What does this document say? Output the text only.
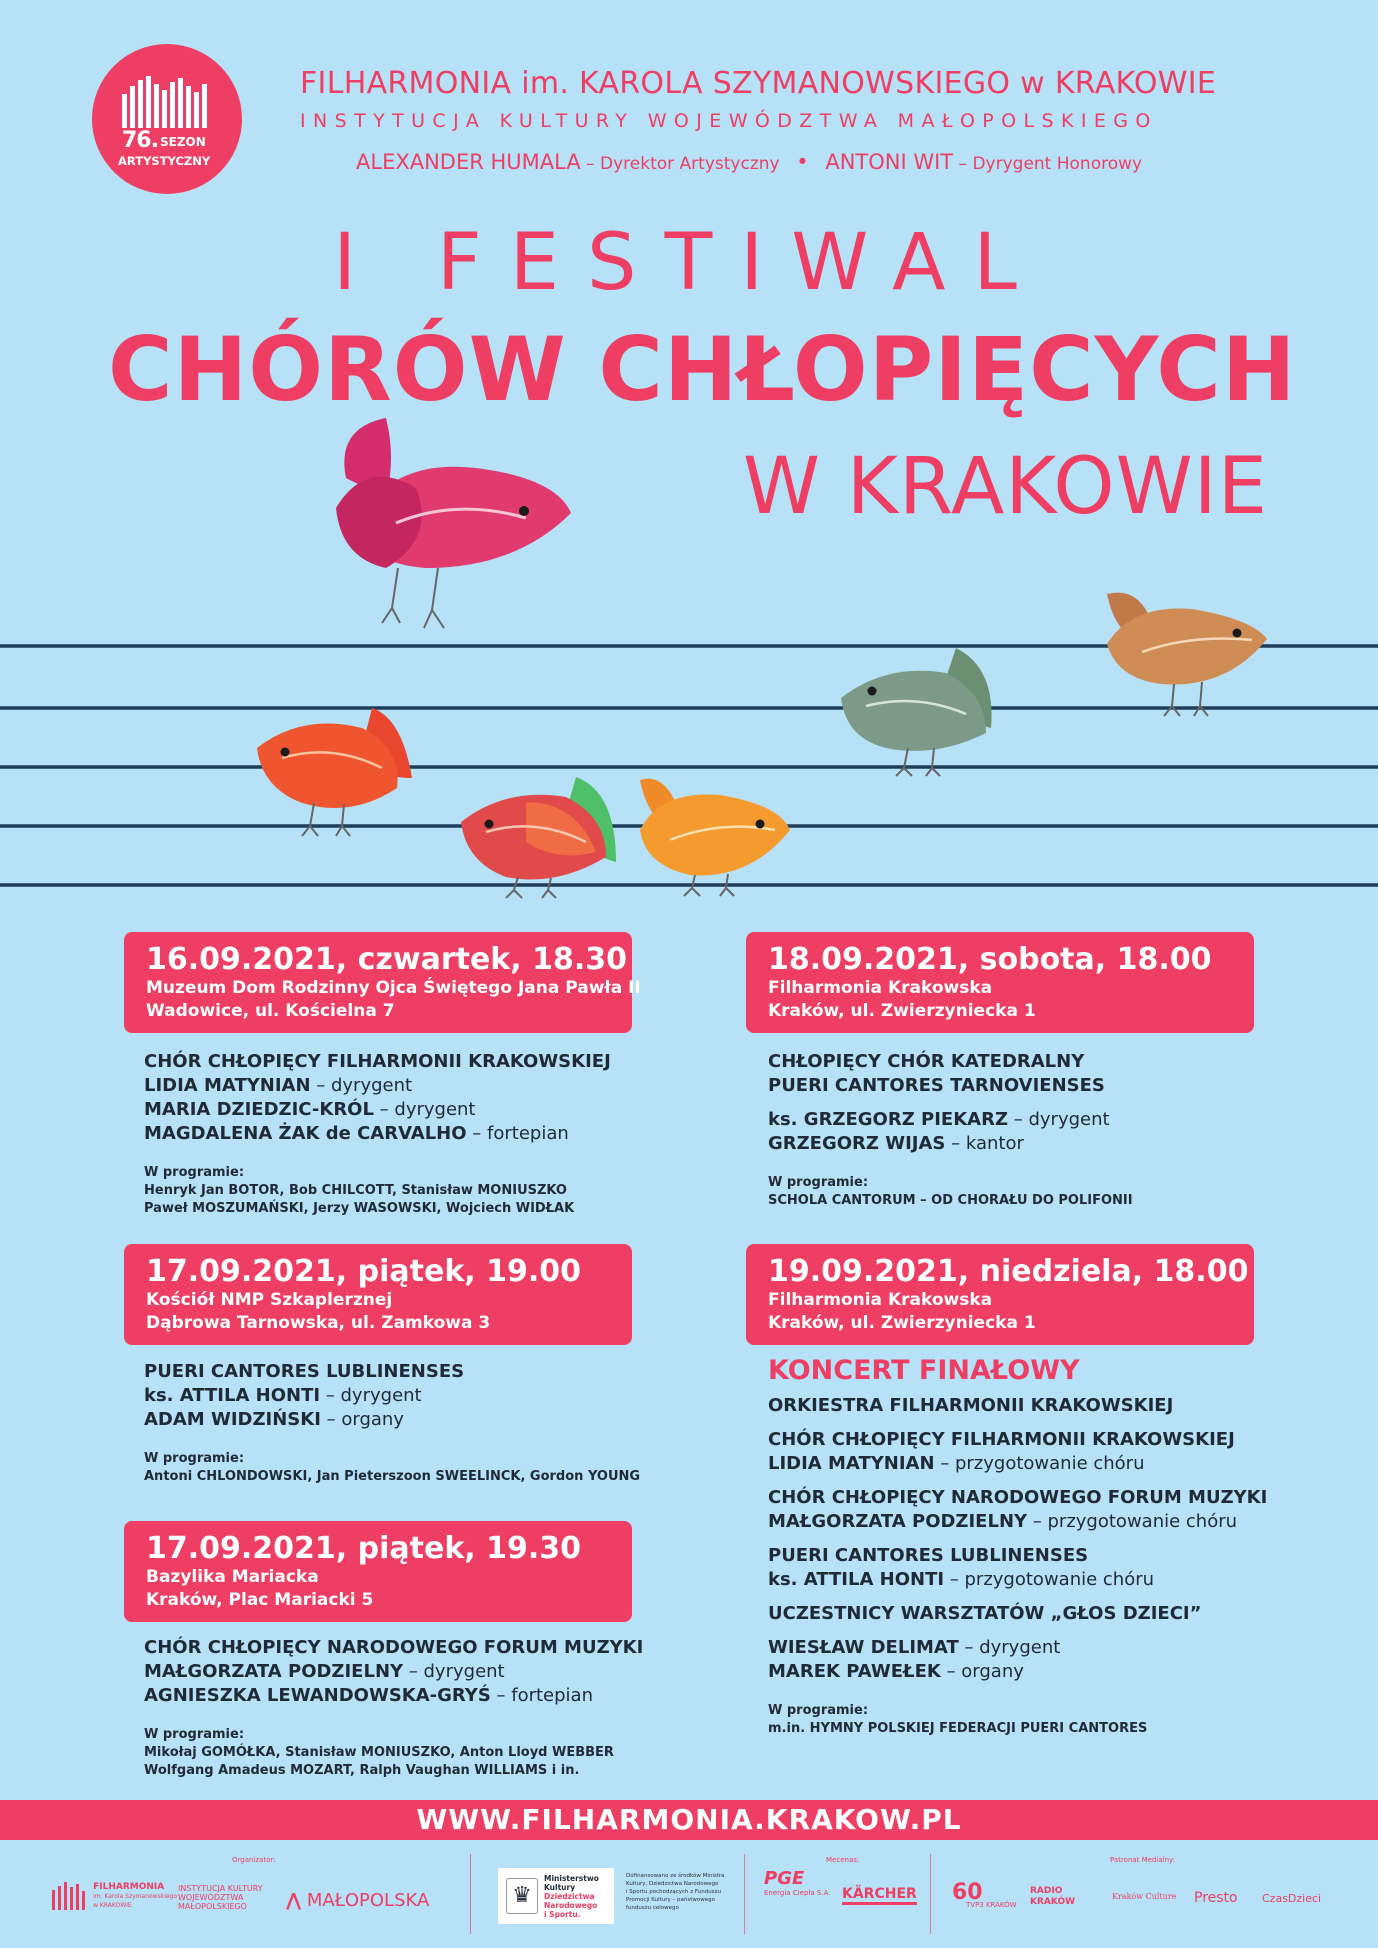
76. SEZON
ARTYSTYCZNY
FILHARMONIA im. KAROLA SZYMANOWSKIEGO w KRAKOWIE
INSTYTUCJA KULTURY WOJEWÓDZTWA MAŁOPOLSKIEGO
ALEXANDER HUMALA – Dyrektor Artystyczny • ANTONI WIT – Dyrygent Honorowy
I FESTIWAL
CHÓRÓW CHŁOPIĘCYCH
W KRAKOWIE
16.09.2021, czwartek, 18.30
Muzeum Dom Rodzinny Ojca Świętego Jana Pawła II
Wadowice, ul. Kościelna 7
CHÓR CHŁOPIĘCY FILHARMONII KRAKOWSKIEJ
LIDIA MATYNIAN – dyrygent
MARIA DZIEDZIC-KRÓL – dyrygent
MAGDALENA ŻAK de CARVALHO – fortepian
W programie:
Henryk Jan BOTOR, Bob CHILCOTT, Stanisław MONIUSZKO
Paweł MOSZUMAŃSKI, Jerzy WASOWSKI, Wojciech WIDŁAK
17.09.2021, piątek, 19.00
Kościół NMP Szkaplerznej
Dąbrowa Tarnowska, ul. Zamkowa 3
PUERI CANTORES LUBLINENSES
ks. ATTILA HONTI – dyrygent
ADAM WIDZIŃSKI – organy
W programie:
Antoni CHLONDOWSKI, Jan Pieterszoon SWEELINCK, Gordon YOUNG
17.09.2021, piątek, 19.30
Bazylika Mariacka
Kraków, Plac Mariacki 5
CHÓR CHŁOPIĘCY NARODOWEGO FORUM MUZYKI
MAŁGORZATA PODZIELNY – dyrygent
AGNIESZKA LEWANDOWSKA-GRYŚ – fortepian
W programie:
Mikołaj GOMÓŁKA, Stanisław MONIUSZKO, Anton Lloyd WEBBER
Wolfgang Amadeus MOZART, Ralph Vaughan WILLIAMS i in.
18.09.2021, sobota, 18.00
Filharmonia Krakowska
Kraków, ul. Zwierzyniecka 1
CHŁOPIĘCY CHÓR KATEDRALNY
PUERI CANTORES TARNOVIENSES
ks. GRZEGORZ PIEKARZ – dyrygent
GRZEGORZ WIJAS – kantor
W programie:
SCHOLA CANTORUM – OD CHORAŁU DO POLIFONII
19.09.2021, niedziela, 18.00
Filharmonia Krakowska
Kraków, ul. Zwierzyniecka 1
KONCERT FINAŁOWY
ORKIESTRA FILHARMONII KRAKOWSKIEJ
CHÓR CHŁOPIĘCY FILHARMONII KRAKOWSKIEJ
LIDIA MATYNIAN – przygotowanie chóru
CHÓR CHŁOPIĘCY NARODOWEGO FORUM MUZYKI
MAŁGORZATA PODZIELNY – przygotowanie chóru
PUERI CANTORES LUBLINENSES
ks. ATTILA HONTI – przygotowanie chóru
UCZESTNICY WARSZTATÓW „GŁOS DZIECI”
WIESŁAW DELIMAT – dyrygent
MAREK PAWEŁEK – organy
W programie:
m.in. HYMNY POLSKIEJ FEDERACJI PUERI CANTORES
WWW.FILHARMONIA.KRAKOW.PL
Organizator:

FILHARMONIA
im. Karola Szymanowskiego
w KRAKOWIE
INSTYTUCJA KULTURY
WOJEWÓDZTWA
MAŁOPOLSKIEGO	⋀ MAŁOPOLSKA	♛
Ministerstwo
Kultury
Dziedzictwa
Narodowego
i Sportu.
Dofinansowano ze środków Ministra
Kultury, Dziedzictwa Narodowego
i Sportu pochodzących z Funduszu
Promocji Kultury – państwowego
funduszu celowego
Mecenas:
PGE
Energia Ciepła S.A. KÄRCHER
Patronat Medialny:
60
TVP3 KRAKÓW
RADIO KRAKÓW
Kraków Culture Presto CzasDzieci
